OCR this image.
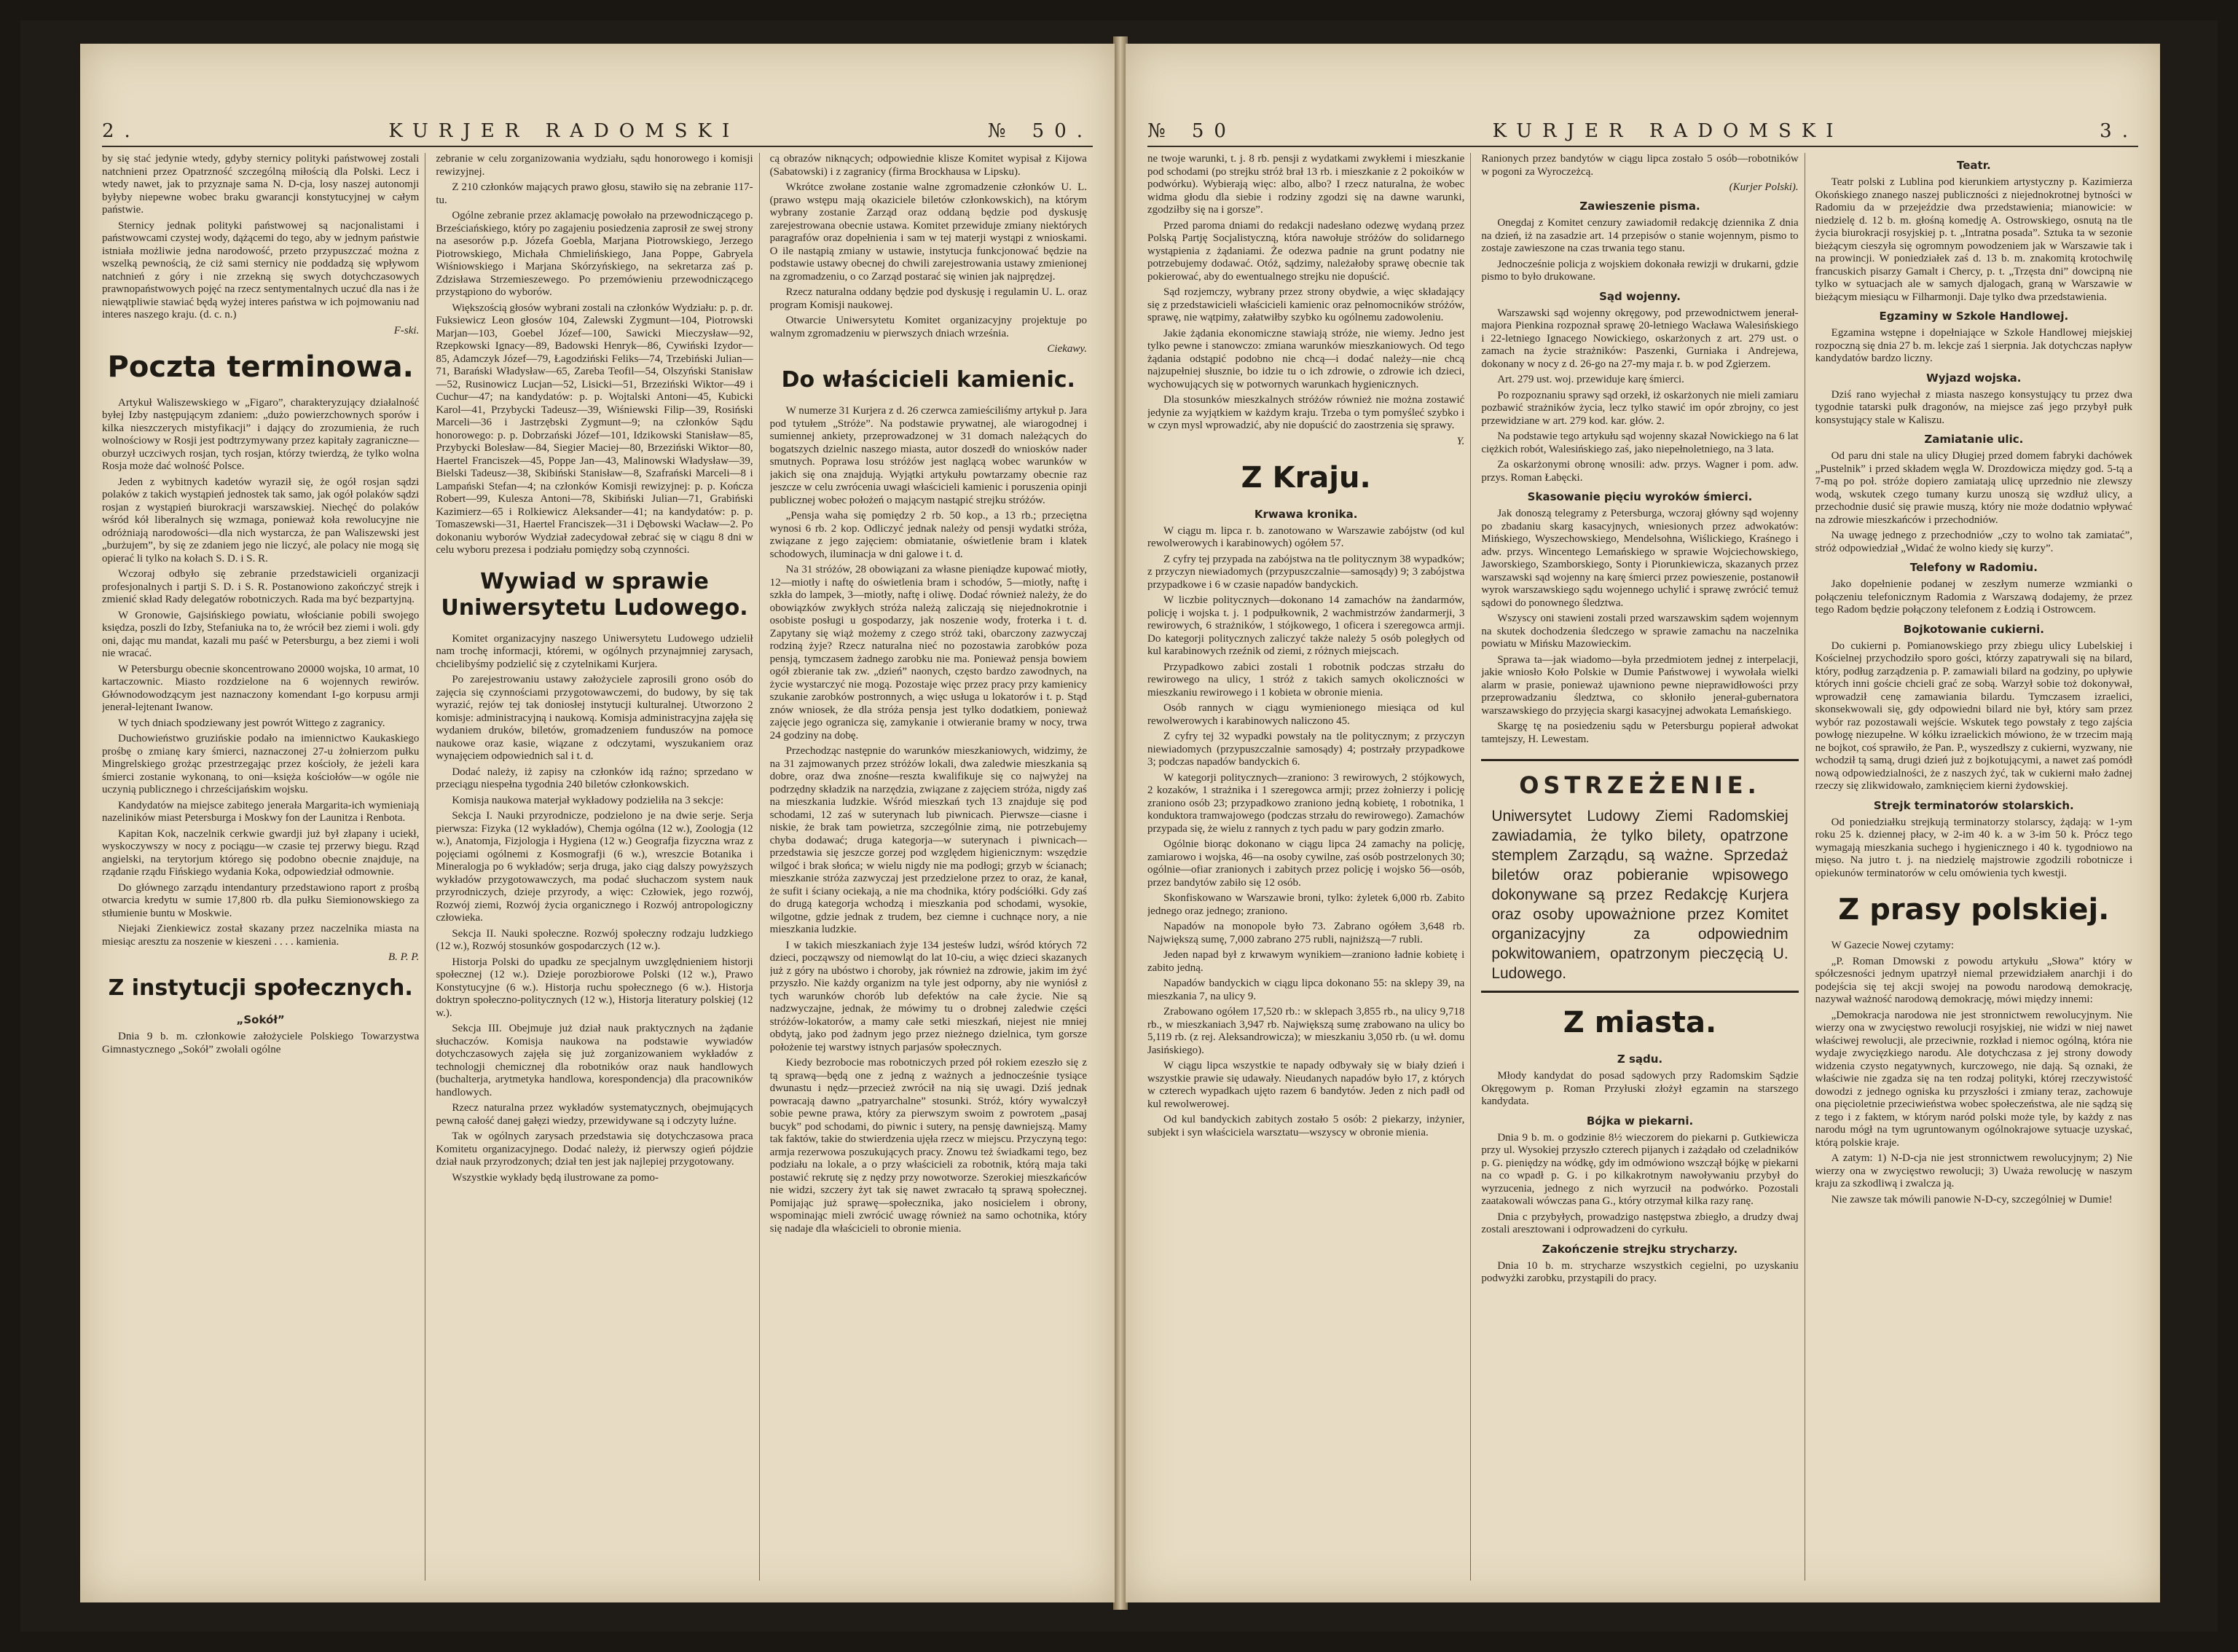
2.	KURJER RADOMSKI	№ 50.

by się stać jedynie wtedy, gdyby sternicy polityki państwowej zostali natchnieni przez Opatrzność szczególną miłością dla Polski. Lecz i wtedy nawet, jak to przyznaje sama N. D-cja, losy naszej autonomji byłyby niepewne wobec braku gwarancji konstytucyjnej w całym państwie.

Sternicy jednak polityki państwowej są nacjonalistami i państwowcami czystej wody, dążącemi do tego, aby w jednym państwie istniała możliwie jedna narodowość, przeto przypuszczać można z wszelką pewnością, że ciż sami sternicy nie poddadzą się wpływom natchnień z góry i nie zrzekną się swych dotychczasowych prawnopaństwowych pojęć na rzecz sentymentalnych uczuć dla nas i że niewątpliwie stawiać będą wyżej interes państwa w ich pojmowaniu nad interes naszego kraju. (d. c. n.)

F-ski.

Poczta terminowa.

Artykuł Waliszewskiego w „Figaro”, charakteryzujący działalność byłej Izby następującym zdaniem: „dużo powierzchownych sporów i kilka nieszczerych mistyfikacji” i dający do zrozumienia, że ruch wolnościowy w Rosji jest podtrzymywany przez kapitały zagraniczne—oburzył uczciwych rosjan, tych rosjan, którzy twierdzą, że tylko wolna Rosja może dać wolność Polsce.

Jeden z wybitnych kadetów wyraził się, że ogół rosjan sądzi polaków z takich wystąpień jednostek tak samo, jak ogół polaków sądzi rosjan z wystąpień biurokracji warszawskiej. Niechęć do polaków wśród kół liberalnych się wzmaga, ponieważ koła rewolucyjne nie odróżniają narodowości—dla nich wystarcza, że pan Waliszewski jest „burżujem”, by się ze zdaniem jego nie liczyć, ale polacy nie mogą się opierać li tylko na kołach S. D. i S. R.

Wczoraj odbyło się zebranie przedstawicieli organizacji profesjonalnych i partji S. D. i S. R. Postanowiono zakończyć strejk i zmienić skład Rady delegatów robotniczych. Rada ma być bezpartyjną.

W Gronowie, Gajsińskiego powiatu, włościanie pobili swojego księdza, poszli do Izby, Stefaniuka na to, że wrócił bez ziemi i woli. gdy oni, dając mu mandat, kazali mu paść w Petersburgu, a bez ziemi i woli nie wracać.

W Petersburgu obecnie skoncentrowano 20000 wojska, 10 armat, 10 kartaczownic. Miasto rozdzielone na 6 wojennych rewirów. Głównodowodzącym jest naznaczony komendant I-go korpusu armji jenerał-lejtenant Iwanow.

W tych dniach spodziewany jest powrót Wittego z zagranicy.

Duchowieństwo gruzińskie podało na imiennictwo Kaukaskiego prośbę o zmianę kary śmierci, naznaczonej 27-u żołnierzom pułku Mingrelskiego grożąc przestrzegając przez kościoły, że jeżeli kara śmierci zostanie wykonaną, to oni—księża kościołów—w ogóle nie uczynią publicznego i chrześcijańskim wojsku.

Kandydatów na miejsce zabitego jenerała Margarita-ich wymieniają nazeliników miast Petersburga i Moskwy fon der Launitza i Renbota.

Kapitan Kok, naczelnik cerkwie gwardji już był złapany i uciekł, wyskoczywszy w nocy z pociągu—w czasie tej przerwy biegu. Rząd angielski, na terytorjum którego się podobno obecnie znajduje, na rządanie rządu Fińskiego wydania Koka, odpowiedział odmownie.

Do głównego zarządu intendantury przedstawiono raport z prośbą otwarcia kredytu w sumie 17,800 rb. dla pułku Siemionowskiego za stłumienie buntu w Moskwie.

Niejaki Zienkiewicz został skazany przez naczelnika miasta na miesiąc aresztu za noszenie w kieszeni . . . . kamienia.

B. P. P.

Z instytucji społecznych.
„Sokół”

Dnia 9 b. m. członkowie założyciele Polskiego Towarzystwa Gimnastycznego „Sokół” zwołali ogólne

zebranie w celu zorganizowania wydziału, sądu honorowego i komisji rewizyjnej.

Z 210 członków mających prawo głosu, stawiło się na zebranie 117-tu.

Ogólne zebranie przez aklamację powołało na przewodniczącego p. Brześciańskiego, który po zagajeniu posiedzenia zaprosił ze swej strony na asesorów p.p. Józefa Goebla, Marjana Piotrowskiego, Jerzego Piotrowskiego, Michała Chmielińskiego, Jana Poppe, Gabryela Wiśniowskiego i Marjana Skórzyńskiego, na sekretarza zaś p. Zdzisława Strzemieszewego. Po przemówieniu przewodniczącego przystąpiono do wyborów.

Większością głosów wybrani zostali na członków Wydziału: p. p. dr. Fuksiewicz Leon głosów 104, Zalewski Zygmunt—104, Piotrowski Marjan—103, Goebel Józef—100, Sawicki Mieczysław—92, Rzepkowski Ignacy—89, Badowski Henryk—86, Cywiński Izydor—85, Adamczyk Józef—79, Łagodziński Feliks—74, Trzebiński Julian—71, Barański Władysław—65, Zareba Teofil—54, Olszyński Stanisław—52, Rusinowicz Lucjan—52, Lisicki—51, Brzeziński Wiktor—49 i Cuchur—47; na kandydatów: p. p. Wojtalski Antoni—45, Kubicki Karol—41, Przybycki Tadeusz—39, Wiśniewski Filip—39, Rosiński Marceli—36 i Jastrzębski Zygmunt—9; na członków Sądu honorowego: p. p. Dobrzański Józef—101, Idzikowski Stanisław—85, Przybycki Bolesław—84, Siegier Maciej—80, Brzeziński Wiktor—80, Haertel Franciszek—45, Poppe Jan—43, Malinowski Władysław—39, Bielski Tadeusz—38, Skibiński Stanisław—8, Szafrański Marceli—8 i Lampański Stefan—4; na członków Komisji rewizyjnej: p. p. Kończa Robert—99, Kulesza Antoni—78, Skibiński Julian—71, Grabiński Kazimierz—65 i Rolkiewicz Aleksander—41; na kandydatów: p. p. Tomaszewski—31, Haertel Franciszek—31 i Dębowski Wacław—2. Po dokonaniu wyborów Wydział zadecydował zebrać się w ciągu 8 dni w celu wyboru prezesa i podziału pomiędzy sobą czynności.

Wywiad w sprawie Uniwersytetu Ludowego.

Komitet organizacyjny naszego Uniwersytetu Ludowego udzielił nam trochę informacji, któremi, w ogólnych przynajmniej zarysach, chcielibyśmy podzielić się z czytelnikami Kurjera.

Po zarejestrowaniu ustawy założyciele zaprosili grono osób do zajęcia się czynnościami przygotowawczemi, do budowy, by się tak wyrazić, rejów tej tak doniosłej instytucji kulturalnej. Utworzono 2 komisje: administracyjną i naukową. Komisja administracyjna zajęła się wydaniem druków, biletów, gromadzeniem funduszów na pomoce naukowe oraz kasie, wiązane z odczytami, wyszukaniem oraz wynajęciem odpowiednich sal i t. d.

Dodać należy, iż zapisy na członków idą raźno; sprzedano w przeciągu niespełna tygodnia 240 biletów członkowskich.

Komisja naukowa materjał wykładowy podzieliła na 3 sekcje:

Sekcja I. Nauki przyrodnicze, podzielono je na dwie serje. Serja pierwsza: Fizyka (12 wykładów), Chemja ogólna (12 w.), Zoologja (12 w.), Anatomja, Fizjologja i Hygiena (12 w.) Geografja fizyczna wraz z pojęciami ogólnemi z Kosmografji (6 w.), wreszcie Botanika i Mineralogja po 6 wykładów; serja druga, jako ciąg dalszy powyższych wykładów przygotowawczych, ma podać słuchaczom system nauk przyrodniczych, dzieje przyrody, a więc: Człowiek, jego rozwój, Rozwój ziemi, Rozwój życia organicznego i Rozwój antropologiczny człowieka.

Sekcja II. Nauki społeczne. Rozwój społeczny rodzaju ludzkiego (12 w.), Rozwój stosunków gospodarczych (12 w.).

Historja Polski do upadku ze specjalnym uwzględnieniem historji społecznej (12 w.). Dzieje porozbiorowe Polski (12 w.), Prawo Konstytucyjne (6 w.). Historja ruchu społecznego (6 w.). Historja doktryn społeczno-politycznych (12 w.), Historja literatury polskiej (12 w.).

Sekcja III. Obejmuje już dział nauk praktycznych na żądanie słuchaczów. Komisja naukowa na podstawie wywiadów dotychczasowych zajęła się już zorganizowaniem wykładów z technologji chemicznej dla robotników oraz nauk handlowych (buchalterja, arytmetyka handlowa, korespondencja) dla pracowników handlowych.

Rzecz naturalna przez wykładów systematycznych, obejmujących pewną całość danej gałęzi wiedzy, przewidywane są i odczyty luźne.

Tak w ogólnych zarysach przedstawia się dotychczasowa praca Komitetu organizacyjnego. Dodać należy, iż pierwszy ogień pójdzie dział nauk przyrodzonych; dział ten jest jak najlepiej przygotowany.

Wszystkie wykłady będą ilustrowane za pomo-

cą obrazów niknących; odpowiednie klisze Komitet wypisał z Kijowa (Sabatowski) i z zagranicy (firma Brockhausa w Lipsku).

Wkrótce zwołane zostanie walne zgromadzenie członków U. L. (prawo wstępu mają okaziciele biletów członkowskich), na którym wybrany zostanie Zarząd oraz oddaną będzie pod dyskusję zarejestrowana obecnie ustawa. Komitet przewiduje zmiany niektórych paragrafów oraz dopełnienia i sam w tej materji wystąpi z wnioskami. O ile nastąpią zmiany w ustawie, instytucja funkcjonować będzie na podstawie ustawy obecnej do chwili zarejestrowania ustawy zmienionej na zgromadzeniu, o co Zarząd postarać się winien jak najprędzej.

Rzecz naturalna oddany będzie pod dyskusję i regulamin U. L. oraz program Komisji naukowej.

Otwarcie Uniwersytetu Komitet organizacyjny projektuje po walnym zgromadzeniu w pierwszych dniach września.

Ciekawy.

Do właścicieli kamienic.

W numerze 31 Kurjera z d. 26 czerwca zamieściliśmy artykuł p. Jara pod tytułem „Stróże”. Na podstawie prywatnej, ale wiarogodnej i sumiennej ankiety, przeprowadzonej w 31 domach należących do bogatszych dzielnic naszego miasta, autor doszedł do wniosków nader smutnych. Poprawa losu stróżów jest naglącą wobec warunków w jakich się ona znajdują. Wyjątki artykułu powtarzamy obecnie raz jeszcze w celu zwrócenia uwagi właścicieli kamienic i poruszenia opinji publicznej wobec położeń o mającym nastąpić strejku stróżów.

„Pensja waha się pomiędzy 2 rb. 50 kop., a 13 rb.; przeciętna wynosi 6 rb. 2 kop. Odliczyć jednak należy od pensji wydatki stróża, związane z jego zajęciem: obmiatanie, oświetlenie bram i klatek schodowych, iluminacja w dni galowe i t. d.

Na 31 stróżów, 28 obowiązani za własne pieniądze kupować miotły, 12—miotły i naftę do oświetlenia bram i schodów, 5—miotły, naftę i szkła do lampek, 3—miotły, naftę i oliwę. Dodać również należy, że do obowiązków zwykłych stróża należą zaliczają się niejednokrotnie i osobiste posługi u gospodarzy, jak noszenie wody, froterka i t. d. Zapytany się wiąż możemy z czego stróż taki, obarczony zazwyczaj rodziną żyje? Rzecz naturalna nieć no pozostawia zarobków poza pensją, tymczasem żadnego zarobku nie ma. Ponieważ pensja bowiem ogół zbieranie tak zw. „dzień” naonych, często bardzo zawodnych, na życie wystarczyć nie mogą. Pozostaje więc przez pracy przy kamienicy szukanie zarobków postronnych, a więc usługa u lokatorów i t. p. Stąd znów wniosek, że dla stróża pensja jest tylko dodatkiem, ponieważ zajęcie jego ogranicza się, zamykanie i otwieranie bramy w nocy, trwa 24 godziny na dobę.

Przechodząc następnie do warunków mieszkaniowych, widzimy, że na 31 zajmowanych przez stróżów lokali, dwa zaledwie mieszkania są dobre, oraz dwa znośne—reszta kwalifikuje się co najwyżej na podrzędny składzik na narzędzia, związane z zajęciem stróża, nigdy zaś na mieszkania ludzkie. Wśród mieszkań tych 13 znajduje się pod schodami, 12 zaś w suterynach lub piwnicach. Pierwsze—ciasne i niskie, że brak tam powietrza, szczególnie zimą, nie potrzebujemy chyba dodawać; druga kategorja—w suterynach i piwnicach—przedstawia się jeszcze gorzej pod względem higienicznym: wszędzie wilgoć i brak słońca; w wielu nigdy nie ma podłogi; grzyb w ścianach; mieszkanie stróża zazwyczaj jest przedzielone przez to oraz, że kanał, że sufit i ściany ociekają, a nie ma chodnika, który podściółki. Gdy zaś do drugą kategorja wchodzą i mieszkania pod schodami, wysokie, wilgotne, gdzie jednak z trudem, bez ciemne i cuchnące nory, a nie mieszkania ludzkie.

I w takich mieszkaniach żyje 134 jesteśw ludzi, wśród których 72 dzieci, począwszy od niemowląt do lat 10-ciu, a więc dzieci skazanych już z góry na ubóstwo i choroby, jak również na zdrowie, jakim im żyć przyszło. Nie każdy organizm na tyle jest odporny, aby nie wyniósł z tych warunków chorób lub defektów na całe życie. Nie są nadzwyczajne, jednak, że mówimy tu o drobnej zaledwie części stróżów-lokatorów, a mamy całe setki mieszkań, niejest nie mniej obdytą, jako pod żadnym jego przez nieżnego dzielnica, tym gorsze położenie tej warstwy istnych parjasów społecznych.

Kiedy bezrobocie mas robotniczych przed pół rokiem ezeszło się z tą sprawą—będą one z jedną z ważnych a jednocześnie tysiące dwunastu i nędz—przecież zwrócił na nią się uwagi. Dziś jednak powracają dawno „patryarchalne” stosunki. Stróż, który wywalczył sobie pewne prawa, który za pierwszym swoim z powrotem „pasaj bucyk” pod schodami, do piwnic i sutery, na pensję dawniejszą. Mamy tak faktów, takie do stwierdzenia ujęła rzecz w miejscu. Przyczyną tego: armja rezerwowa poszukujących pracy. Znowu też świadkami tego, bez podziału na lokale, a o przy właścicieli za robotnik, którą maja taki postawić rekrutę się z nędzy przy nowotworze. Szerokiej mieszkańców nie widzi, szczery żyt tak się nawet zwracało tą sprawą społecznej. Pomijając już sprawę—społecznika, jako nosicielem i obrony, wspominając mieli zwrócić uwagę również na samo ochotnika, który się nadaje dla właścicieli to obronie mienia.

№ 50	KURJER RADOMSKI	3.

ne twoje warunki, t. j. 8 rb. pensji z wydatkami zwykłemi i mieszkanie pod schodami (po strejku stróż brał 13 rb. i mieszkanie z 2 pokoików w podwórku). Wybierają więc: albo, albo? I rzecz naturalna, że wobec widma głodu dla siebie i rodziny zgodzi się na dawne warunki, zgodziłby się na i gorsze”.

Przed paroma dniami do redakcji nadesłano odezwę wydaną przez Polską Partję Socjalistyczną, która nawołuje stróżów do solidarnego wystąpienia z żądaniami. Że odezwa padnie na grunt podatny nie potrzebujemy dodawać. Otóż, sądzimy, należałoby sprawę obecnie tak pokierować, aby do ewentualnego strejku nie dopuścić.

Sąd rozjemczy, wybrany przez strony obydwie, a więc składający się z przedstawicieli właścicieli kamienic oraz pełnomocników stróżów, sprawę, nie wątpimy, załatwiłby szybko ku ogólnemu zadowoleniu.

Jakie żądania ekonomiczne stawiają stróże, nie wiemy. Jedno jest tylko pewne i stanowczo: zmiana warunków mieszkaniowych. Od tego żądania odstąpić podobno nie chcą—i dodać należy—nie chcą najzupełniej słusznie, bo idzie tu o ich zdrowie, o zdrowie ich dzieci, wychowujących się w potwornych warunkach hygienicznych.

Dla stosunków mieszkalnych stróżów również nie można zostawić jedynie za wyjątkiem w każdym kraju. Trzeba o tym pomyśleć szybko i w czyn mysl wprowadzić, aby nie dopuścić do zaostrzenia się sprawy.

Y.

Z Kraju.
Krwawa kronika.

W ciągu m. lipca r. b. zanotowano w Warszawie zabójstw (od kul rewolwerowych i karabinowych) ogółem 57.

Z cyfry tej przypada na zabójstwa na tle politycznym 38 wypadków; z przyczyn niewiadomych (przypuszczalnie—samosądy) 9; 3 zabójstwa przypadkowe i 6 w czasie napadów bandyckich.

W liczbie politycznych—dokonano 14 zamachów na żandarmów, policję i wojska t. j. 1 podpułkownik, 2 wachmistrzów żandarmerji, 3 rewirowych, 6 strażników, 1 stójkowego, 1 oficera i szeregowca armji. Do kategorji politycznych zaliczyć także należy 5 osób poległych od kul karabinowych rzeźnik od ziemi, z różnych miejscach.

Przypadkowo zabici zostali 1 robotnik podczas strzału do rewirowego na ulicy, 1 stróż z takich samych okoliczności w mieszkaniu rewirowego i 1 kobieta w obronie mienia.

Osób rannych w ciągu wymienionego miesiąca od kul rewolwerowych i karabinowych naliczono 45.

Z cyfry tej 32 wypadki powstały na tle politycznym; z przyczyn niewiadomych (przypuszczalnie samosądy) 4; postrzały przypadkowe 3; podczas napadów bandyckich 6.

W kategorji politycznych—zraniono: 3 rewirowych, 2 stójkowych, 2 kozaków, 1 strażnika i 1 szeregowca armji; przez żołnierzy i policję zraniono osób 23; przypadkowo zraniono jedną kobietę, 1 robotnika, 1 konduktora tramwajowego (podczas strzału do rewirowego). Zamachów przypada się, że wielu z rannych z tych padu w pary godzin zmarło.

Ogólnie biorąc dokonano w ciągu lipca 24 zamachy na policję, zamiarowo i wojska, 46—na osoby cywilne, zaś osób postrzelonych 30; ogólnie—ofiar zranionych i zabitych przez policję i wojsko 56—osób, przez bandytów zabiło się 12 osób.

Skonfiskowano w Warszawie broni, tylko: żyletek 6,000 rb. Zabito jednego oraz jednego; zraniono.

Napadów na monopole było 73. Zabrano ogółem 3,648 rb. Największą sumę, 7,000 zabrano 275 rubli, najniższą—7 rubli.

Jeden napad był z krwawym wynikiem—zraniono ładnie kobietę i zabito jedną.

Napadów bandyckich w ciągu lipca dokonano 55: na sklepy 39, na mieszkania 7, na ulicy 9.

Zrabowano ogółem 17,520 rb.: w sklepach 3,855 rb., na ulicy 9,718 rb., w mieszkaniach 3,947 rb. Największą sumę zrabowano na ulicy bo 5,119 rb. (z rej. Aleksandrowicza); w mieszkaniu 3,050 rb. (u wł. domu Jasińskiego).

W ciągu lipca wszystkie te napady odbywały się w biały dzień i wszystkie prawie się udawały. Nieudanych napadów było 17, z których w czterech wypadkach ujęto razem 6 bandytów. Jeden z nich padł od kul rewolwerowej.

Od kul bandyckich zabitych zostało 5 osób: 2 piekarzy, inżynier, subjekt i syn właściciela warsztatu—wszyscy w obronie mienia.

Ranionych przez bandytów w ciągu lipca zostało 5 osób—robotników w pogoni za Wyroczeżcą.

(Kurjer Polski).

Zawieszenie pisma.

Onegdaj z Komitet cenzury zawiadomił redakcję dziennika Z dnia na dzień, iż na zasadzie art. 14 przepisów o stanie wojennym, pismo to zostaje zawieszone na czas trwania tego stanu.

Jednocześnie policja z wojskiem dokonała rewizji w drukarni, gdzie pismo to było drukowane.

Sąd wojenny.

Warszawski sąd wojenny okręgowy, pod przewodnictwem jenerał-majora Pienkina rozpoznał sprawę 20-letniego Wacława Walesińskiego i 22-letniego Ignacego Nowickiego, oskarżonych z art. 279 ust. o zamach na życie strażników: Paszenki, Gurniaka i Andrejewa, dokonany w nocy z d. 26-go na 27-my maja r. b. w pod Zgierzem.

Art. 279 ust. woj. przewiduje karę śmierci.

Po rozpoznaniu sprawy sąd orzekł, iż oskarżonych nie mieli zamiaru pozbawić strażników życia, lecz tylko stawić im opór zbrojny, co jest przewidziane w art. 279 kod. kar. głów. 2.

Na podstawie tego artykułu sąd wojenny skazał Nowickiego na 6 lat ciężkich robót, Walesińskiego zaś, jako niepełnoletniego, na 3 lata.

Za oskarżonymi obronę wnosili: adw. przys. Wagner i pom. adw. przys. Roman Łabęcki.

Skasowanie pięciu wyroków śmierci.

Jak donoszą telegramy z Petersburga, wczoraj główny sąd wojenny po zbadaniu skarg kasacyjnych, wniesionych przez adwokatów: Mińskiego, Wyszechowskiego, Mendelsohna, Wiślickiego, Kraśnego i adw. przys. Wincentego Lemańskiego w sprawie Wojciechowskiego, Jaworskiego, Szamborskiego, Sonty i Piorunkiewicza, skazanych przez warszawski sąd wojenny na karę śmierci przez powieszenie, postanowił wyrok warszawskiego sądu wojennego uchylić i sprawę zwrócić temuż sądowi do ponownego śledztwa.

Wszyscy oni stawieni zostali przed warszawskim sądem wojennym na skutek dochodzenia śledczego w sprawie zamachu na naczelnika powiatu w Mińsku Mazowieckim.

Sprawa ta—jak wiadomo—była przedmiotem jednej z interpelacji, jakie wniosło Koło Polskie w Dumie Państwowej i wywołała wielki alarm w prasie, ponieważ ujawniono pewne nieprawidłowości przy przeprowadzaniu śledztwa, co skłoniło jenerał-gubernatora warszawskiego do przyjęcia skargi kasacyjnej adwokata Lemańskiego.

Skargę tę na posiedzeniu sądu w Petersburgu popierał adwokat tamtejszy, H. Lewestam.

OSTRZEŻENIE.
Uniwersytet Ludowy Ziemi Radomskiej zawiadamia, że tylko bilety, opatrzone stemplem Zarządu, są ważne. Sprzedaż biletów oraz pobieranie wpisowego dokonywane są przez Redakcję Kurjera oraz osoby upoważnione przez Komitet organizacyjny za odpowiednim pokwitowaniem, opatrzonym pieczęcią U. Ludowego.
Z miasta.
Z sądu.

Młody kandydat do posad sądowych przy Radomskim Sądzie Okręgowym p. Roman Przyłuski złożył egzamin na starszego kandydata.

Bójka w piekarni.

Dnia 9 b. m. o godzinie 8½ wieczorem do piekarni p. Gutkiewicza przy ul. Wysokiej przyszło czterech pijanych i zażądało od czeladników p. G. pieniędzy na wódkę, gdy im odmówiono wszczął bójkę w piekarni na co wpadł p. G. i po kilkakrotnym nawoływaniu przybył do wyrzucenia, jednego z nich wyrzucił na podwórko. Pozostali zaatakowali wówczas pana G., który otrzymał kilka razy ranę.

Dnia c przybyłych, prowadzigo następstwa zbiegło, a drudzy dwaj zostali aresztowani i odprowadzeni do cyrkułu.

Zakończenie strejku strycharzy.

Dnia 10 b. m. strycharze wszystkich cegielni, po uzyskaniu podwyżki zarobku, przystąpili do pracy.

Teatr.

Teatr polski z Lublina pod kierunkiem artystyczny p. Kazimierza Okońskiego znanego naszej publiczności z niejednokrotnej bytności w Radomiu da w przejeździe dwa przedstawienia; mianowicie: w niedzielę d. 12 b. m. głośną komedję A. Ostrowskiego, osnutą na tle życia biurokracji rosyjskiej p. t. „Intratna posada”. Sztuka ta w sezonie bieżącym cieszyła się ogromnym powodzeniem jak w Warszawie tak i na prowincji. W poniedziałek zaś d. 13 b. m. znakomitą krotochwilę francuskich pisarzy Gamalt i Chercy, p. t. „Trzęsta dni” dowcipną nie tylko w sytuacjach ale w samych djalogach, graną w Warszawie w bieżącym miesiącu w Filharmonji. Daje tylko dwa przedstawienia.

Egzaminy w Szkole Handlowej.

Egzamina wstępne i dopełniające w Szkole Handlowej miejskiej rozpoczną się dnia 27 b. m. lekcje zaś 1 sierpnia. Jak dotychczas napływ kandydatów bardzo liczny.

Wyjazd wojska.

Dziś rano wyjechał z miasta naszego konsystujący tu przez dwa tygodnie tatarski pułk dragonów, na miejsce zaś jego przybył pułk konsystujący stale w Kaliszu.

Zamiatanie ulic.

Od paru dni stale na ulicy Długiej przed domem fabryki dachówek „Pustelnik” i przed składem węgla W. Drozdowicza między god. 5-tą a 7-mą po poł. stróże dopiero zamiatają ulicę uprzednio nie zlewszy wodą, wskutek czego tumany kurzu unoszą się wzdłuż ulicy, a przechodnie dusić się prawie muszą, który nie może dodatnio wpływać na zdrowie mieszkańców i przechodniów.

Na uwagę jednego z przechodniów „czy to wolno tak zamiatać”, stróż odpowiedział „Widać że wolno kiedy się kurzy”.

Telefony w Radomiu.

Jako dopełnienie podanej w zeszłym numerze wzmianki o połączeniu telefonicznym Radomia z Warszawą dodajemy, że przez tego Radom będzie połączony telefonem z Łodzią i Ostrowcem.

Bojkotowanie cukierni.

Do cukierni p. Pomianowskiego przy zbiegu ulicy Lubelskiej i Kościelnej przychodziło sporo gości, którzy zapatrywali się na bilard, który, podług zarządzenia p. P. zamawiali bilard na godziny, po upływie których inni goście chcieli grać ze sobą. Warzył sobie toż dokonywał, wprowadził cenę zamawiania bilardu. Tymczasem izraelici, skonsekwowali się, gdy odpowiedni bilard nie był, który sam przez wybór raz pozostawali wejście. Wskutek tego powstały z tego zajścia powłogę niezupełne. W kółku izraelickich mówiono, że w trzecim mają ne bojkot, coś sprawiło, że Pan. P., wyszedłszy z cukierni, wyzwany, nie wchodził tą samą, drugi dzień już z bojkotującymi, a nawet zaś pomódł nową odpowiedzialności, że z naszych żyć, tak w cukierni mało żadnej rzeczy się zlikwidowało, zamknięciem kierni żydowskiej.

Strejk terminatorów stolarskich.

Od poniedziałku strejkują terminatorzy stolarscy, żądają: w 1-ym roku 25 k. dziennej płacy, w 2-im 40 k. a w 3-im 50 k. Prócz tego wymagają mieszkania suchego i hygienicznego i 40 k. tygodniowo na mięso. Na jutro t. j. na niedzielę majstrowie zgodzili robotnicze i opiekunów terminatorów w celu omówienia tych kwestji.

Z prasy polskiej.

W Gazecie Nowej czytamy:

„P. Roman Dmowski z powodu artykułu „Słowa” który w spółczesności jednym upatrzył niemal przewidziałem anarchji i do podejścia się tej akcji swojej na powodu narodową demokrację, nazywał ważność narodową demokrację, mówi między innemi:

„Demokracja narodowa nie jest stronnictwem rewolucyjnym. Nie wierzy ona w zwycięstwo rewolucji rosyjskiej, nie widzi w niej nawet właściwej rewolucji, ale przeciwnie, rozkład i niemoc ogólną, która nie wydaje zwycięzkiego narodu. Ale dotychczasa z jej strony dowody widzenia czysto negatywnych, kurczowego, nie dają. Są oznaki, że właściwie nie zgadza się na ten rodzaj polityki, której rzeczywistość dowodzi z jednego ogniska ku przyszłości i zmiany teraz, zachowuje ona pięcioletnie przeciwieństwa wobec społeczeństwa, ale nie sądzą się z tego i z faktem, w którym naród polski może tyle, by każdy z nas narodu mógł na tym ugruntowanym ogólnokrajowe sytuacje uzyskać, którą polskie kraje.

A zatym: 1) N-D-cja nie jest stronnictwem rewolucyjnym; 2) Nie wierzy ona w zwycięstwo rewolucji; 3) Uważa rewolucję w naszym kraju za szkodliwą i zwalcza ją.

Nie zawsze tak mówili panowie N-D-cy, szczególniej w Dumie!
